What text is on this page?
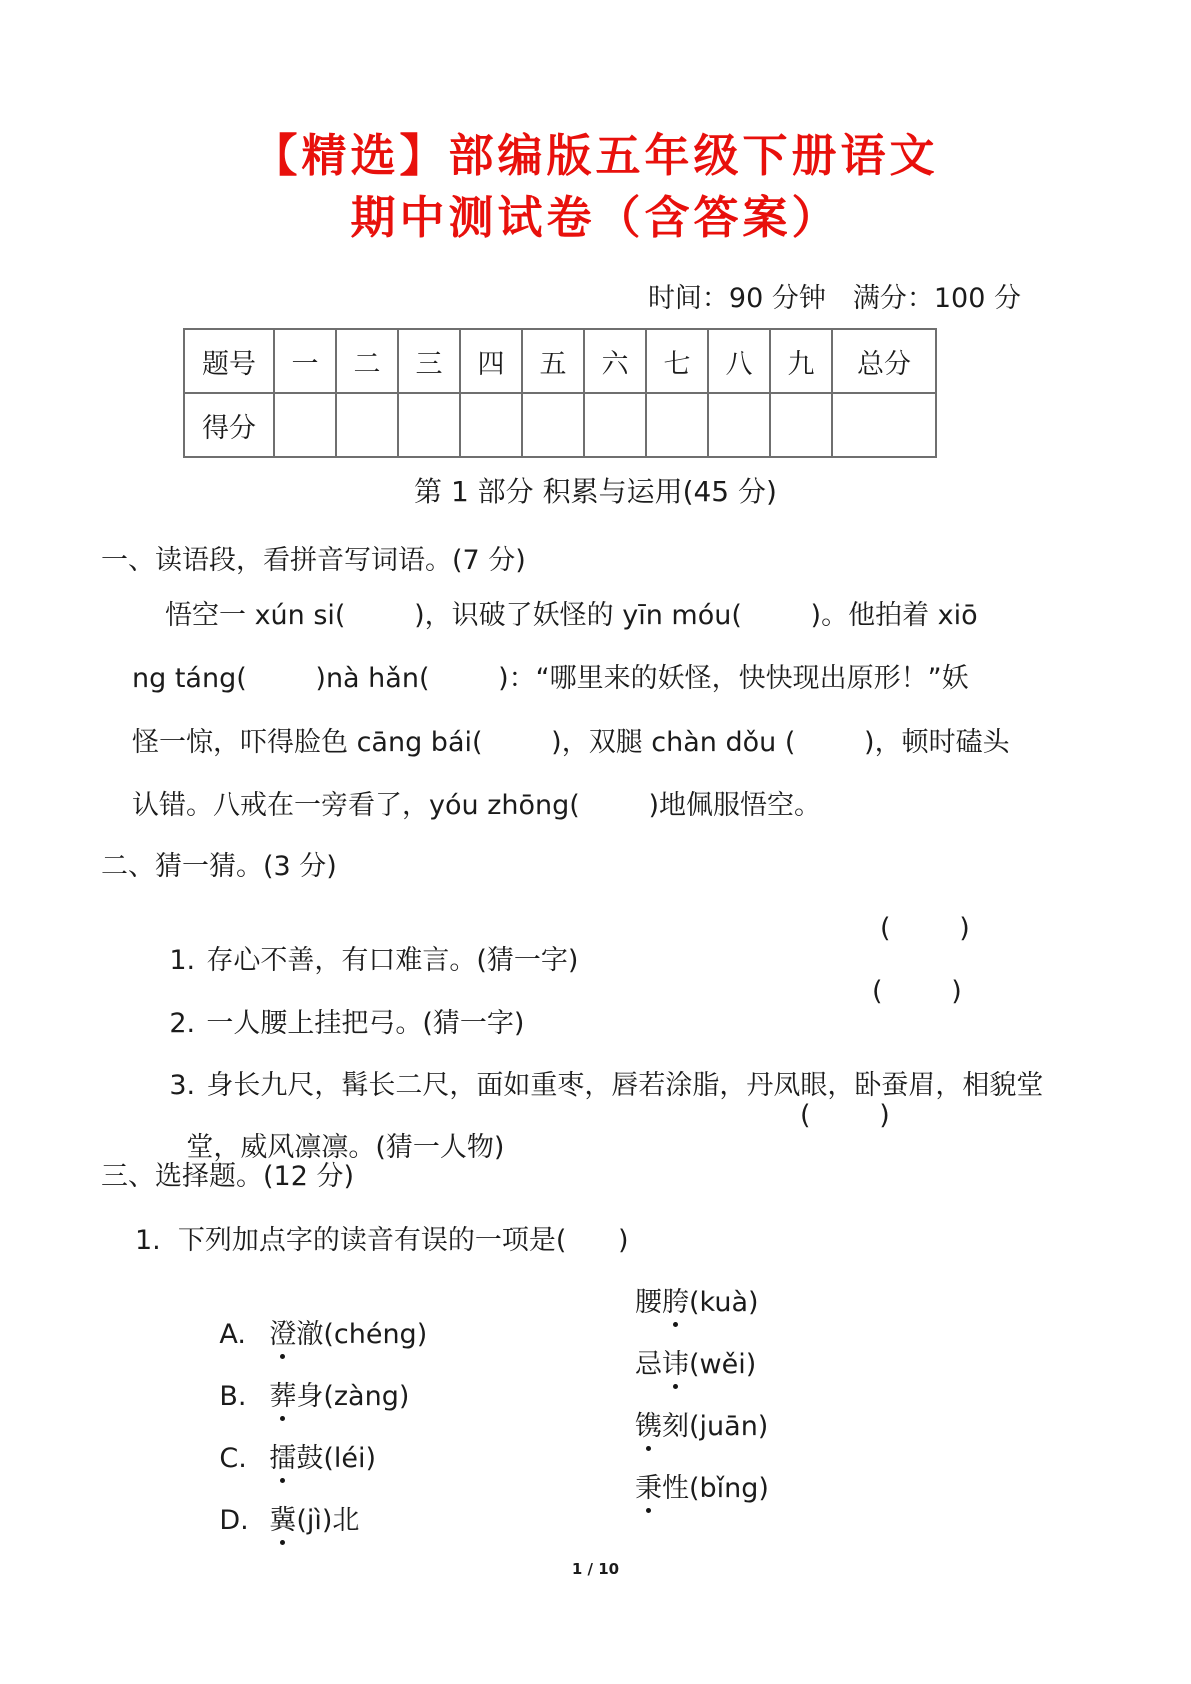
【精选】部编版五年级下册语文
期中测试卷（含答案）
时间：90 分钟　满分：100 分
题号	一	二	三	四	五	六	七	八	九	总分
得分										
第 1 部分 积累与运用(45 分)
一、读语段，看拼音写词语。(7 分)
悟空一 xún si(        )，识破了妖怪的 yīn móu(        )。他拍着 xiō
ng táng(        )nà hǎn(        )：“哪里来的妖怪，快快现出原形！”妖
怪一惊，吓得脸色 cāng bái(        )，双腿 chàn dǒu (        )，顿时磕头
认错。八戒在一旁看了，yóu zhōng(        )地佩服悟空。
二、猜一猜。(3 分)

1. 存心不善，有口难言。(猜一字)

(        )

2. 一人腰上挂把弓。(猜一字)

(        )

3. 身长九尺，髯长二尺，面如重枣，唇若涂脂，丹凤眼，卧蚕眉，相貌堂

堂，威风凛凛。(猜一人物)

(        )

三、选择题。(12 分)
1.  下列加点字的读音有误的一项是(      )

A. 澄澈(chéng)

腰胯(kuà)

B. 葬身(zàng)

忌讳(wěi)

C. 擂鼓(léi)

镌刻(juān)

D. 冀(jì)北

秉性(bǐng)

1 / 10
